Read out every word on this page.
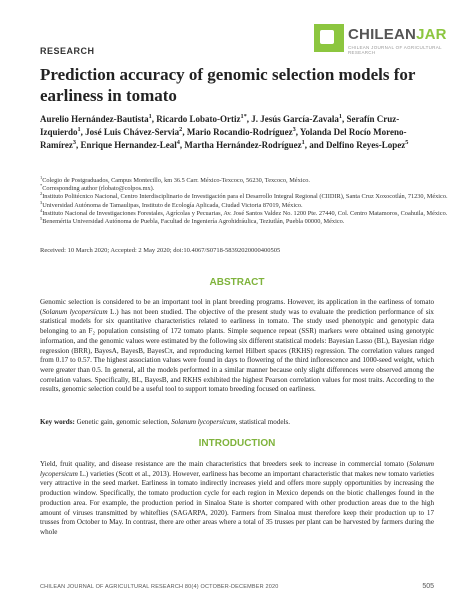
CHILEANJAR
CHILEAN JOURNAL OF AGRICULTURAL RESEARCH
RESEARCH
Prediction accuracy of genomic selection models for earliness in tomato
Aurelio Hernández-Bautista$^1$, Ricardo Lobato-Ortiz$^{1*}$, J. Jesús García-Zavala$^1$, Serafín Cruz-Izquierdo$^1$, José Luis Chávez-Servia$^2$, Mario Rocandio-Rodríguez$^3$, Yolanda Del Rocío Moreno-Ramírez$^3$, Enrique Hernandez-Leal$^4$, Martha Hernández-Rodríguez$^1$, and Delfino Reyes-Lopez$^5$
$^1$Colegio de Postgraduados, Campus Montecillo, km 36.5 Carr. México-Texcoco, 56230, Texcoco, México.
*Corresponding author (rlobato@colpos.mx).
$^2$Instituto Politécnico Nacional, Centro Interdisciplinario de Investigación para el Desarrollo Integral Regional (CIIDIR), Santa Cruz Xoxocotlán, 71230, México.
$^3$Universidad Autónoma de Tamaulipas, Instituto de Ecología Aplicada, Ciudad Victoria 87019, México.
$^4$Instituto Nacional de Investigaciones Forestales, Agrícolas y Pecuarias, Av. José Santos Valdez No. 1200 Pte. 27440, Col. Centro Matamoros, Coahuila, México.
$^5$Benemérita Universidad Autónoma de Puebla, Facultad de Ingeniería Agrohidráulica, Teziutlán, Puebla 00000, México.
Received: 10 March 2020; Accepted: 2 May 2020; doi:10.4067/S0718-58392020000400505
ABSTRACT
Genomic selection is considered to be an important tool in plant breeding programs. However, its application in the earliness of tomato (Solanum lycopersicum L.) has not been studied. The objective of the present study was to evaluate the prediction performance of six statistical models for six quantitative characteristics related to earliness in tomato. The study used phenotypic and genotypic data belonging to an F₂ population consisting of 172 tomato plants. Simple sequence repeat (SSR) markers were obtained using genotypic information, and the genomic values were estimated by the following six different statistical models: Bayesian Lasso (BL), Bayesian ridge regression (BRR), BayesA, BayesB, BayesCπ, and reproducing kernel Hilbert spaces (RKHS) regression. The correlation values ranged from 0.17 to 0.57. The highest association values were found in days to flowering of the third inflorescence and 1000-seed weight, which were greater than 0.5. In general, all the models performed in a similar manner because only slight differences were observed among the correlation values. Specifically, BL, BayesB, and RKHS exhibited the highest Pearson correlation values for most traits. According to the results, genomic selection could be a useful tool to support tomato breeding focused on earliness.
Key words: Genetic gain, genomic selection, Solanum lycopersicum, statistical models.
INTRODUCTION
Yield, fruit quality, and disease resistance are the main characteristics that breeders seek to increase in commercial tomato (Solanum lycopersicum L.) varieties (Scott et al., 2013). However, earliness has become an important characteristic that makes new tomato varieties very attractive in the seed market. Earliness in tomato indirectly increases yield and offers more supply opportunities by increasing the production window. Specifically, the tomato production cycle for each region in Mexico depends on the biotic challenges found in the production area. For example, the production period in Sinaloa State is shorter compared with other production areas due to the high amount of viruses transmitted by whiteflies (SAGARPA, 2020). Farmers from Sinaloa must therefore keep their production up to 17 trusses from October to May. In contrast, there are other areas where a total of 35 trusses per plant can be harvested by farmers during the whole
CHILEAN JOURNAL OF AGRICULTURAL RESEARCH 80(4) OCTOBER-DECEMBER 2020	505
